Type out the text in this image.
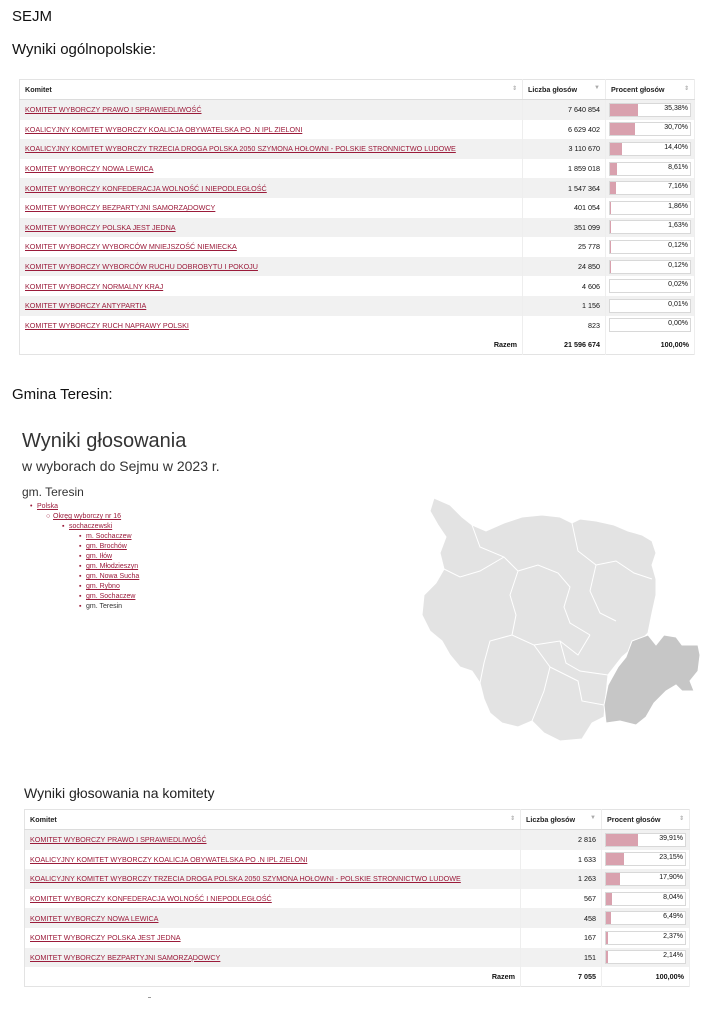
SEJM
Wyniki ogólnopolskie:
Komitet ⇕	Liczba głosów ▼	Procent głosów ⇕

KOMITET WYBORCZY PRAWO I SPRAWIEDLIWOŚĆ	7 640 854	35,38%

KOALICYJNY KOMITET WYBORCZY KOALICJA OBYWATELSKA PO .N IPL ZIELONI	6 629 402	30,70%

KOALICYJNY KOMITET WYBORCZY TRZECIA DROGA POLSKA 2050 SZYMONA HOŁOWNI - POLSKIE STRONNICTWO LUDOWE	3 110 670	14,40%

KOMITET WYBORCZY NOWA LEWICA	1 859 018	8,61%

KOMITET WYBORCZY KONFEDERACJA WOLNOŚĆ I NIEPODLEGŁOŚĆ	1 547 364	7,16%

KOMITET WYBORCZY BEZPARTYJNI SAMORZĄDOWCY	401 054	1,86%

KOMITET WYBORCZY POLSKA JEST JEDNA	351 099	1,63%

KOMITET WYBORCZY WYBORCÓW MNIEJSZOŚĆ NIEMIECKA	25 778	0,12%

KOMITET WYBORCZY WYBORCÓW RUCHU DOBROBYTU I POKOJU	24 850	0,12%

KOMITET WYBORCZY NORMALNY KRAJ	4 606	0,02%

KOMITET WYBORCZY ANTYPARTIA	1 156	0,01%

KOMITET WYBORCZY RUCH NAPRAWY POLSKI	823	0,00%

Razem	21 596 674	100,00%
Gmina Teresin:
Wyniki głosowania
w wyborach do Sejmu w 2023 r.
gm. Teresin
• Polska
○ Okręg wyborczy nr 16
▪ sochaczewski
▪ m. Sochaczew
▪ gm. Brochów
▪ gm. Iłów
▪ gm. Młodzieszyn
▪ gm. Nowa Sucha
▪ gm. Rybno
▪ gm. Sochaczew
▪ gm. Teresin
Wyniki głosowania na komitety
Komitet ⇕	Liczba głosów ▼	Procent głosów ⇕

KOMITET WYBORCZY PRAWO I SPRAWIEDLIWOŚĆ	2 816	39,91%

KOALICYJNY KOMITET WYBORCZY KOALICJA OBYWATELSKA PO .N IPL ZIELONI	1 633	23,15%

KOALICYJNY KOMITET WYBORCZY TRZECIA DROGA POLSKA 2050 SZYMONA HOŁOWNI - POLSKIE STRONNICTWO LUDOWE	1 263	17,90%

KOMITET WYBORCZY KONFEDERACJA WOLNOŚĆ I NIEPODLEGŁOŚĆ	567	8,04%

KOMITET WYBORCZY NOWA LEWICA	458	6,49%

KOMITET WYBORCZY POLSKA JEST JEDNA	167	2,37%

KOMITET WYBORCZY BEZPARTYJNI SAMORZĄDOWCY	151	2,14%

Razem	7 055	100,00%
